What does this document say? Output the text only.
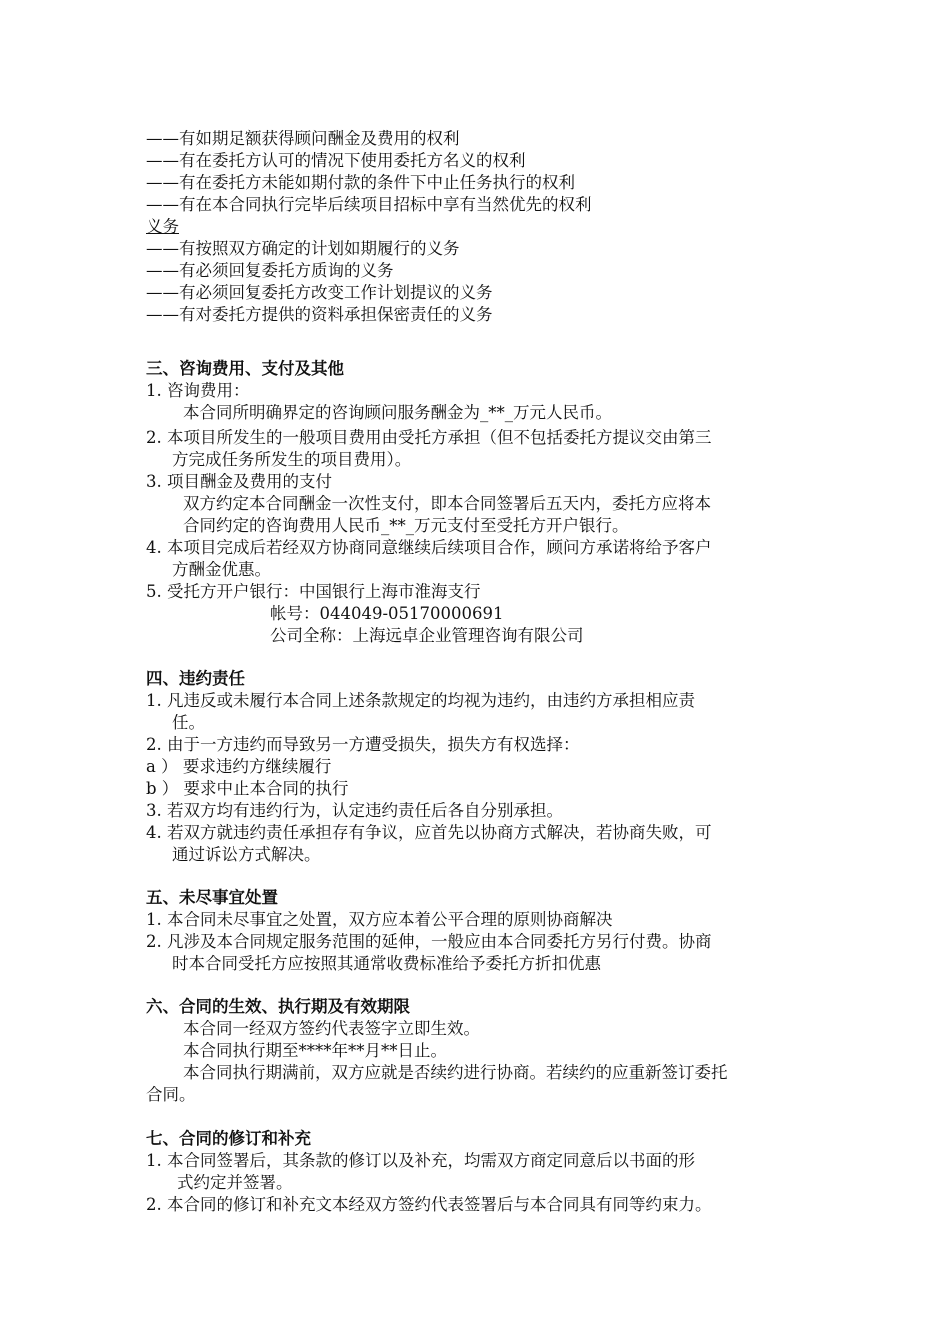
——有如期足额获得顾问酬金及费用的权利
——有在委托方认可的情况下使用委托方名义的权利
——有在委托方未能如期付款的条件下中止任务执行的权利
——有在本合同执行完毕后续项目招标中享有当然优先的权利
义务
——有按照双方确定的计划如期履行的义务
——有必须回复委托方质询的义务
——有必须回复委托方改变工作计划提议的义务
——有对委托方提供的资料承担保密责任的义务
三、咨询费用、支付及其他
1. 咨询费用：
本合同所明确界定的咨询顾问服务酬金为_**_万元人民币。
2. 本项目所发生的一般项目费用由受托方承担（但不包括委托方提议交由第三
方完成任务所发生的项目费用）。
3. 项目酬金及费用的支付
双方约定本合同酬金一次性支付，即本合同签署后五天内，委托方应将本
合同约定的咨询费用人民币_**_万元支付至受托方开户银行。
4. 本项目完成后若经双方协商同意继续后续项目合作，顾问方承诺将给予客户
方酬金优惠。
5. 受托方开户银行：中国银行上海市淮海支行
帐号：044049-05170000691
公司全称：上海远卓企业管理咨询有限公司
四、违约责任
1. 凡违反或未履行本合同上述条款规定的均视为违约，由违约方承担相应责
任。
2. 由于一方违约而导致另一方遭受损失，损失方有权选择：
a ） 要求违约方继续履行
b ） 要求中止本合同的执行
3. 若双方均有违约行为，认定违约责任后各自分别承担。
4. 若双方就违约责任承担存有争议，应首先以协商方式解决，若协商失败，可
通过诉讼方式解决。
五、未尽事宜处置
1. 本合同未尽事宜之处置，双方应本着公平合理的原则协商解决
2. 凡涉及本合同规定服务范围的延伸，一般应由本合同委托方另行付费。协商
时本合同受托方应按照其通常收费标准给予委托方折扣优惠
六、合同的生效、执行期及有效期限
本合同一经双方签约代表签字立即生效。
本合同执行期至****年**月**日止。
本合同执行期满前，双方应就是否续约进行协商。若续约的应重新签订委托
合同。
七、合同的修订和补充
1. 本合同签署后，其条款的修订以及补充，均需双方商定同意后以书面的形
式约定并签署。
2. 本合同的修订和补充文本经双方签约代表签署后与本合同具有同等约束力。
